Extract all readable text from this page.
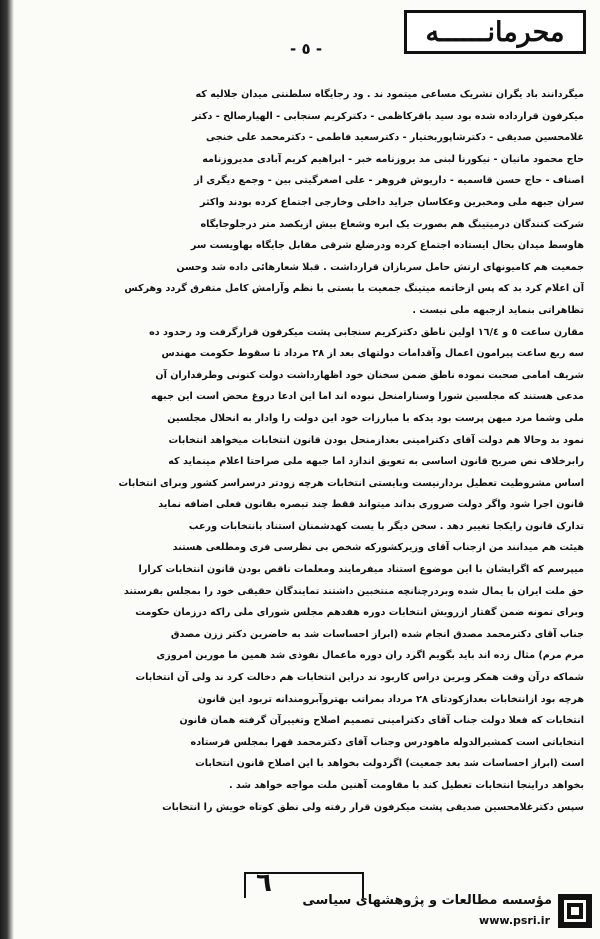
محرمانــــــه
- ٥ -
میگردانند باد یگران تشریک مساعی میتمود ند . ود رجایگاه سلطنتی میدان جلالیه که
میکرفون قرارداده شده بود سید باقرکاظمی - دکترکریم سنجابی - الهیارصالح - دکتر
غلامحسین صدیقی - دکترشاپوربختیار - دکترسعید فاطمی - دکترمحمد علی خنجی
حاج محمود مانیان - نیکورنا لبنی مد یروزنامه خبر - ابراهیم کریم آبادی مدیروزنامه
اصناف - حاج حسن قاسمیه - داریوش فروهر - علی اصغرگیتی بین - وجمع دیگری از
سران جبهه ملی ومخبرین وعکاسان جراید داخلی وخارجی اجتماع کرده بودند واکثر
شرکت کنندگان درمیتینگ هم بصورت یک ابره وشعاع بیش ازیکصد متر درجلوجایگاه
هاوسط میدان بحال ایستاده اجتماع کرده ودرضلع شرقی مقابل جایگاه بهاویست سر
جمعیت هم کامیونهای ارتش حامل سربازان قرارداشت . قبلا شعارهائی داده شد وحسن
آن اعلام کرد بد که پس ازخاتمه میتینگ جمعیت با بستی با نظم وآرامش کامل متفرق گردد وهرکس
تظاهراتی بنماید ازجبهه ملی نیست .
مقارن ساعت ٥ و ١٦/٤ اولین ناطق دکترکریم سنجابی پشت میکرفون قرارگرفت ود رحدود ده
سه ربع ساعت پیرامون اعمال وآقدامات دولتهای بعد از ۲۸ مرداد تا سقوط حکومت مهندس
شریف امامی صحبت نموده ناطق ضمن سخنان خود اظهارداشت دولت کنونی وطرفداران آن
مدعی هستند که مجلسین شورا وسنارامنحل نبوده اند اما این ادعا دروغ محض است این جبهه
ملی وشما مرد میهن پرست بود یدکه با مبارزات خود این دولت را وادار به انحلال مجلسین
نمود بد وحالا هم دولت آقای دکترامینی بعدازمنحل بودن قانون انتخابات میخواهد انتخابات
رابرخلاف نص صریح قانون اساسی به تعویق اندازد اما جبهه ملی صراحتا اعلام مینماید که
اساس مشروطیت تعطیل بردارنیست وبایستی انتخابات هرچه زودتر درسراسر کشور وبرای انتخابات
قانون اجرا شود واگر دولت ضروری بداند میتواند فقط چند تبصره بقانون فعلی اضافه نماید
تدارک قانون رایکجا تغییر دهد . سخن دیگر با یست کهدشمنان استناد بانتخابات ورعب
هیئت هم میدانند من ازجناب آقای وزیرکشورکه شخص بی نظرسی فری ومطلعی هستند
میپرسم که اگرایشان با این موضوع استناد میفرمایند ومعلمات ناقص بودن قانون انتخابات کرارا
حق ملت ایران با یمال شده وبردرچنانچه منتخبین داشتند تمایندگان حقیقی خود را بمجلس بفرستند
وبرای نمونه ضمن گفتار ازرویش انتخابات دوره هفدهم مجلس شورای ملی راکه درزمان حکومت
جناب آقای دکترمحمد مصدق انجام شده (ابراز احساسات شد به حاضرین دکتر ززن مصدق
مرم مرم) مثال زده اند باید بگویم اگرد ران دوره ماعمال نفوذی شد همین ما مورین امروزی
شماکه درآن وقت همکر وبرین دراس کاربود ند دراین انتخابات هم دخالت کرد ند ولی آن انتخابات
هرچه بود ازانتخابات بعدازکودتای ۲۸ مرداد بمراتب بهتروآبرومندانه تربود این قانون
انتخابات که فعلا دولت جناب آقای دکترامینی تصمیم اصلاح وتغییرآن گرفته همان قانون
انتخاباتی است کمشیرالدوله ماهودرس وجناب آقای دکترمحمد قهرا بمجلس فرستاده
است (ابراز احساسات شد بعد جمعیت) اگردولت بخواهد با این اصلاح قانون انتخابات
بخواهد دراینجا انتخابات تعطیل کند با مقاومت آهنین ملت مواجه خواهد شد .
سپس دکترغلامحسین صدیقی پشت میکرفون قرار رفته ولی نطق کوتاه خویش را انتخابات
٦
مؤسسه مطالعات و پژوهشهای سیاسی
www.psri.ir
